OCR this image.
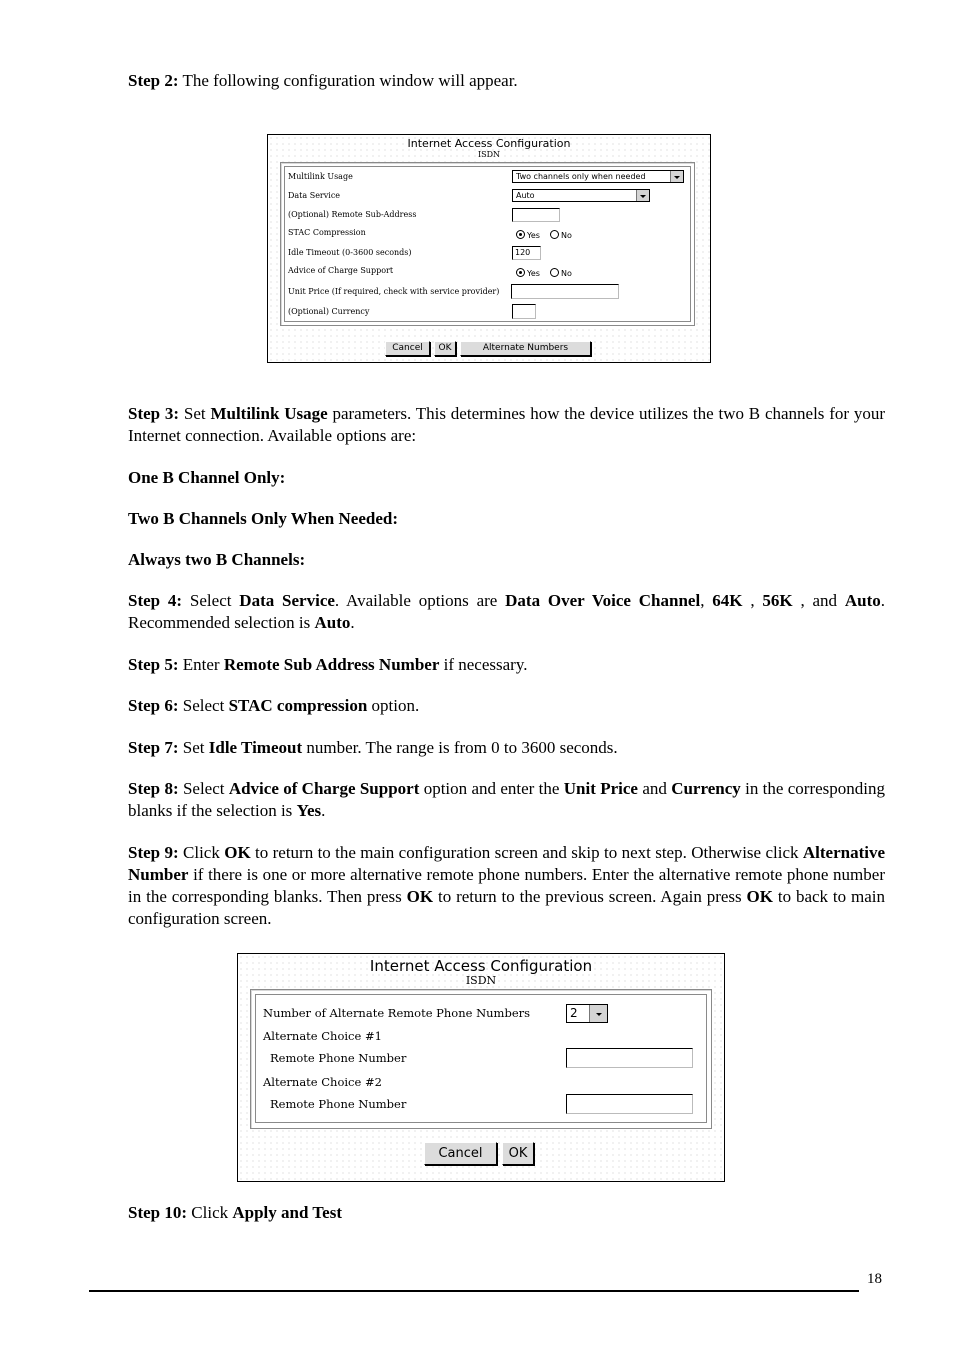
Step 2: The following configuration window will appear.

Internet Access Configuration
ISDN
Multilink Usage	Two channels only when needed
Data Service	Auto
(Optional) Remote Sub-Address
STAC Compression	Yes	No
Idle Timeout (0-3600 seconds)	120
Advice of Charge Support	Yes	No
Unit Price (If required, check with service provider)
(Optional) Currency
Cancel	OK	Alternate Numbers

Step 3: Set Multilink Usage parameters. This determines how the device utilizes the two B channels for your Internet connection. Available options are:

One B Channel Only:

Two B Channels Only When Needed:

Always two B Channels:

Step 4: Select Data Service. Available options are Data Over Voice Channel, 64K , 56K , and Auto. Recommended selection is Auto.

Step 5: Enter Remote Sub Address Number if necessary.

Step 6: Select STAC compression option.

Step 7: Set Idle Timeout number. The range is from 0 to 3600 seconds.

Step 8: Select Advice of Charge Support option and enter the Unit Price and Currency in the corresponding blanks if the selection is Yes.

Step 9: Click OK to return to the main configuration screen and skip to next step. Otherwise click Alternative Number if there is one or more alternative remote phone numbers. Enter the alternative remote phone number in the corresponding blanks. Then press OK to return to the previous screen. Again press OK to back to main configuration screen.

Internet Access Configuration
ISDN
Number of Alternate Remote Phone Numbers	2
Alternate Choice #1
Remote Phone Number
Alternate Choice #2
Remote Phone Number
Cancel	OK

Step 10: Click Apply and Test

18
